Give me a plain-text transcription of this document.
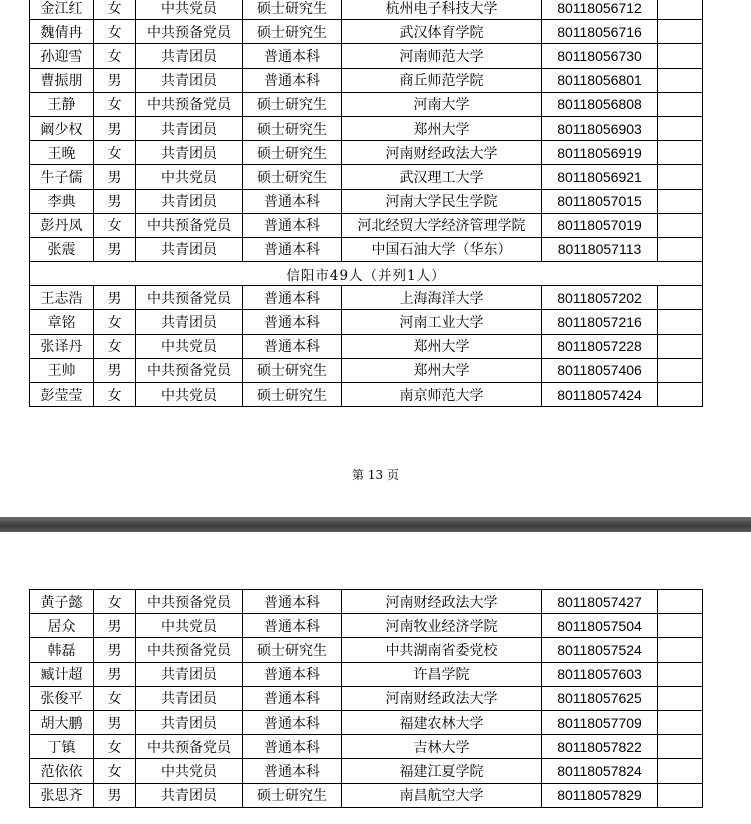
金江红	女	中共党员	硕士研究生	杭州电子科技大学	80118056712	
魏倩冉	女	中共预备党员	硕士研究生	武汉体育学院	80118056716	
孙迎雪	女	共青团员	普通本科	河南师范大学	80118056730	
曹振朋	男	共青团员	普通本科	商丘师范学院	80118056801	
王静	女	中共预备党员	硕士研究生	河南大学	80118056808	
阚少权	男	共青团员	硕士研究生	郑州大学	80118056903	
王晚	女	共青团员	硕士研究生	河南财经政法大学	80118056919	
牛子儒	男	中共党员	硕士研究生	武汉理工大学	80118056921	
李典	男	共青团员	普通本科	河南大学民生学院	80118057015	
彭丹凤	女	中共预备党员	普通本科	河北经贸大学经济管理学院	80118057019	
张震	男	共青团员	普通本科	中国石油大学（华东）	80118057113	
信阳市49人（并列1人）						
王志浩	男	中共预备党员	普通本科	上海海洋大学	80118057202	
章铭	女	共青团员	普通本科	河南工业大学	80118057216	
张译丹	女	中共党员	普通本科	郑州大学	80118057228	
王帅	男	中共预备党员	硕士研究生	郑州大学	80118057406	
彭莹莹	女	中共党员	硕士研究生	南京师范大学	80118057424	
第 13 页
黄子懿	女	中共预备党员	普通本科	河南财经政法大学	80118057427	
居众	男	中共党员	普通本科	河南牧业经济学院	80118057504	
韩磊	男	中共预备党员	硕士研究生	中共湖南省委党校	80118057524	
臧计超	男	共青团员	普通本科	许昌学院	80118057603	
张俊平	女	共青团员	普通本科	河南财经政法大学	80118057625	
胡大鹏	男	共青团员	普通本科	福建农林大学	80118057709	
丁镇	女	中共预备党员	普通本科	吉林大学	80118057822	
范依依	女	中共党员	普通本科	福建江夏学院	80118057824	
张思齐	男	共青团员	硕士研究生	南昌航空大学	80118057829	
